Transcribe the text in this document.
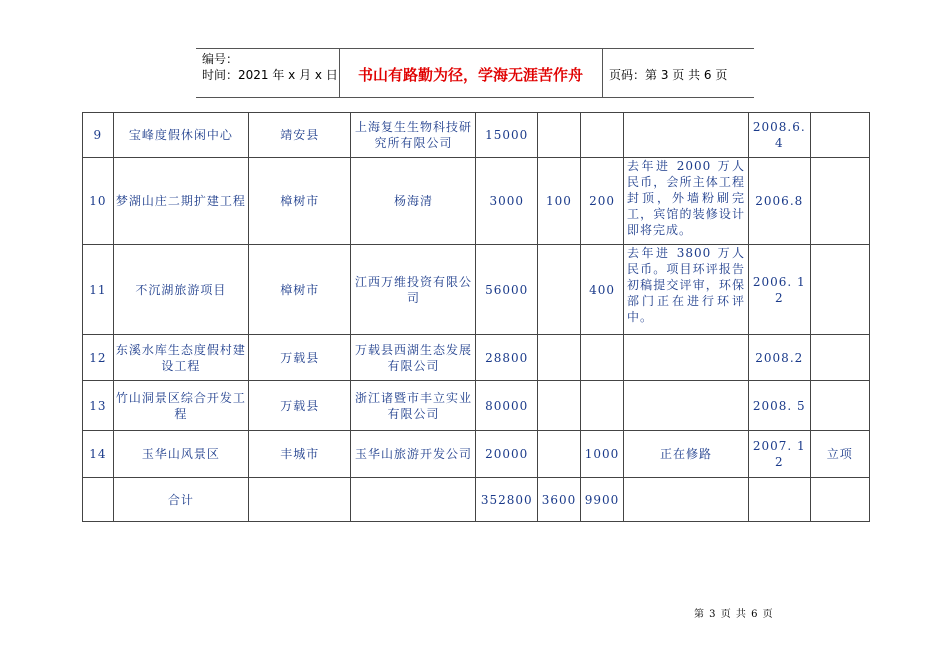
编号：
时间：2021 年 x 月 x 日	书山有路勤为径，学海无涯苦作舟	页码：第 3 页 共 6 页
9	宝峰度假休闲中心	靖安县	上海复生生物科技研究所有限公司	15000				2008.6.4	
10	梦湖山庄二期扩建工程	樟树市	杨海清	3000	100	200	去年进 2000 万人民币，会所主体工程封顶，外墙粉刷完工，宾馆的装修设计即将完成。	2006.8	
11	不沉湖旅游项目	樟树市	江西万维投资有限公司	56000		400	去年进 3800 万人民币。项目环评报告初稿提交评审，环保部门正在进行环评中。	2006. 12	
12	东溪水库生态度假村建设工程	万载县	万载县西湖生态发展有限公司	28800				2008.2	
13	竹山洞景区综合开发工程	万载县	浙江诸暨市丰立实业有限公司	80000				2008. 5	
14	玉华山风景区	丰城市	玉华山旅游开发公司	20000		1000	正在修路	2007. 12	立项
	合计			352800	3600	9900			
第 3 页 共 6 页
